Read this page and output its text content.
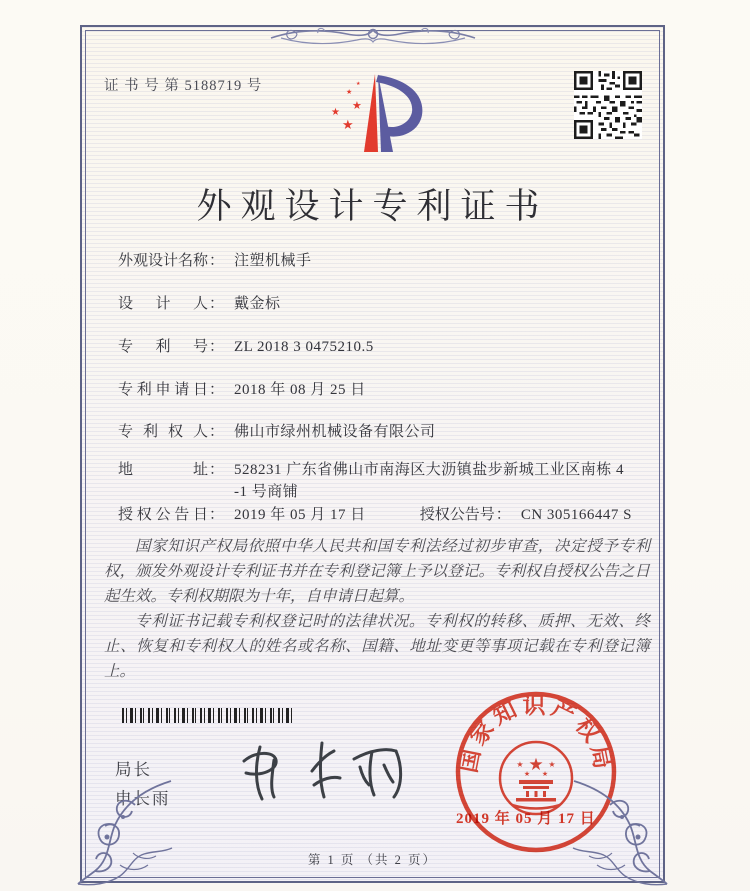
证 书 号 第 5188719 号	★
★
★
★
★
外观设计专利证书
外观设计名称 ： 注塑机械手
设计人 ： 戴金标
专利号 ： ZL 2018 3 0475210.5
专利申请日 ： 2018 年 08 月 25 日
专利权人 ： 佛山市绿州机械设备有限公司
地址 ： 528231 广东省佛山市南海区大沥镇盐步新城工业区南栋 4
-1 号商铺
授权公告日 ： 2019 年 05 月 17 日	授权公告号 ： CN 305166447 S

国家知识产权局依照中华人民共和国专利法经过初步审查，决定授予专利权，颁发外观设计专利证书并在专利登记簿上予以登记。专利权自授权公告之日起生效。专利权期限为十年，自申请日起算。

专利证书记载专利权登记时的法律状况。专利权的转移、质押、无效、终止、恢复和专利权人的姓名或名称、国籍、地址变更等事项记载在专利登记簿上。

局长
申长雨
国家知识产权局
★
★	★
★ ★
2019 年 05 月 17 日
第 1 页 （共 2 页）
